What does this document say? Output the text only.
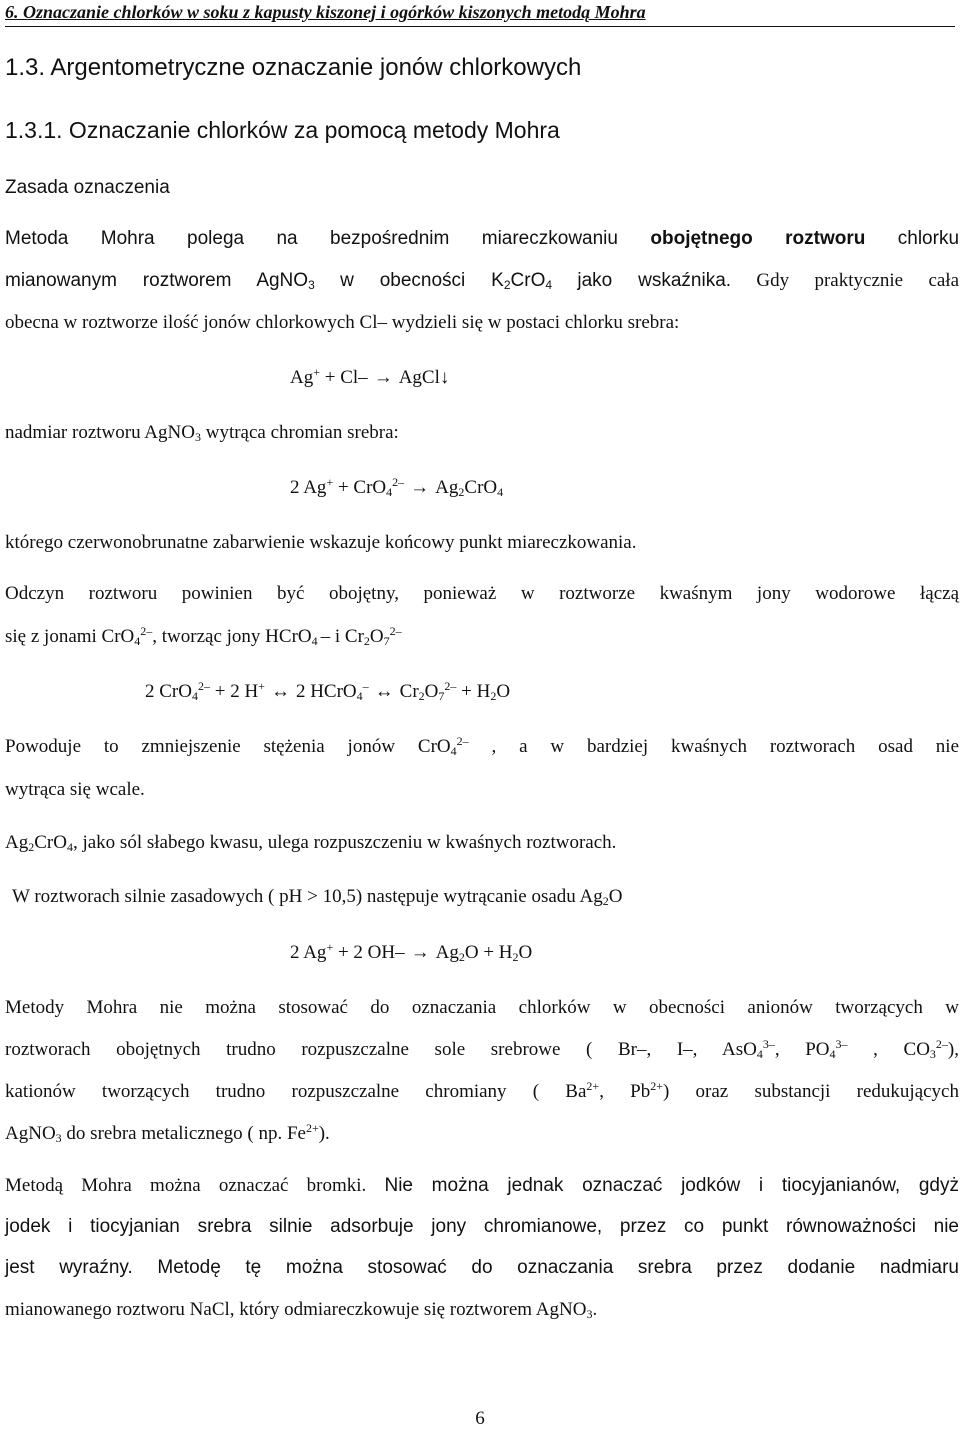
6. Oznaczanie chlorków w soku z kapusty kiszonej i ogórków kiszonych metodą Mohra
1.3. Argentometryczne oznaczanie jonów chlorkowych
1.3.1. Oznaczanie chlorków za pomocą metody Mohra
Zasada oznaczenia
Metoda Mohra polega na bezpośrednim miareczkowaniu obojętnego roztworu chlorku
mianowanym roztworem AgNO$_3$ w obecności $K_2CrO_4$ jako wskaźnika. Gdy praktycznie cała
obecna w roztworze ilość jonów chlorkowych Cl– wydzieli się w postaci chlorku srebra:
Ag+ + Cl– → AgCl↓
nadmiar roztworu AgNO$_3$ wytrąca chromian srebra:
2 $Ag^+ + CrO_4^{2-} \to Ag_2CrO_4$
którego czerwonobrunatne zabarwienie wskazuje końcowy punkt miareczkowania.
Odczyn roztworu powinien być obojętny, ponieważ w roztworze kwaśnym jony wodorowe łączą
się z jonami CrO$_4^{2-}$, tworząc jony HCrO$_4$ – i $Cr_2O_7^{2-}$
2 CrO$_4^{2-}$ + 2 H+ ↔ 2 HCrO$_4$– ↔ $Cr_2O_7^{2-} + H_2O$
Powoduje to zmniejszenie stężenia jonów CrO$_4^{2-}$ , a w bardziej kwaśnych roztworach osad nie
wytrąca się wcale.
$Ag_2CrO_4$, jako sól słabego kwasu, ulega rozpuszczeniu w kwaśnych roztworach.
W roztworach silnie zasadowych ( pH > 10,5) następuje wytrącanie osadu $Ag_2O$
2 Ag+ + 2 $OH- \to Ag_2O + H_2O$
Metody Mohra nie można stosować do oznaczania chlorków w obecności anionów tworzących w
roztworach obojętnych trudno rozpuszczalne sole srebrowe ( Br–, I–, AsO$_4^{3-}$, $PO_4^{3-}$ , $CO_3^{2-}$),
kationów tworzących trudno rozpuszczalne chromiany ( $Ba^{2+}$, $Pb^{2+}$) oraz substancji redukujących
AgNO$_3$ do srebra metalicznego ( np. $Fe^{2+}$).
Metodą Mohra można oznaczać bromki. Nie można jednak oznaczać jodków i tiocyjanianów, gdyż
jodek i tiocyjanian srebra silnie adsorbuje jony chromianowe, przez co punkt równoważności nie
jest wyraźny. Metodę tę można stosować do oznaczania srebra przez dodanie nadmiaru
mianowanego roztworu NaCl, który odmiareczkowuje się roztworem AgNO$_3$.
6
